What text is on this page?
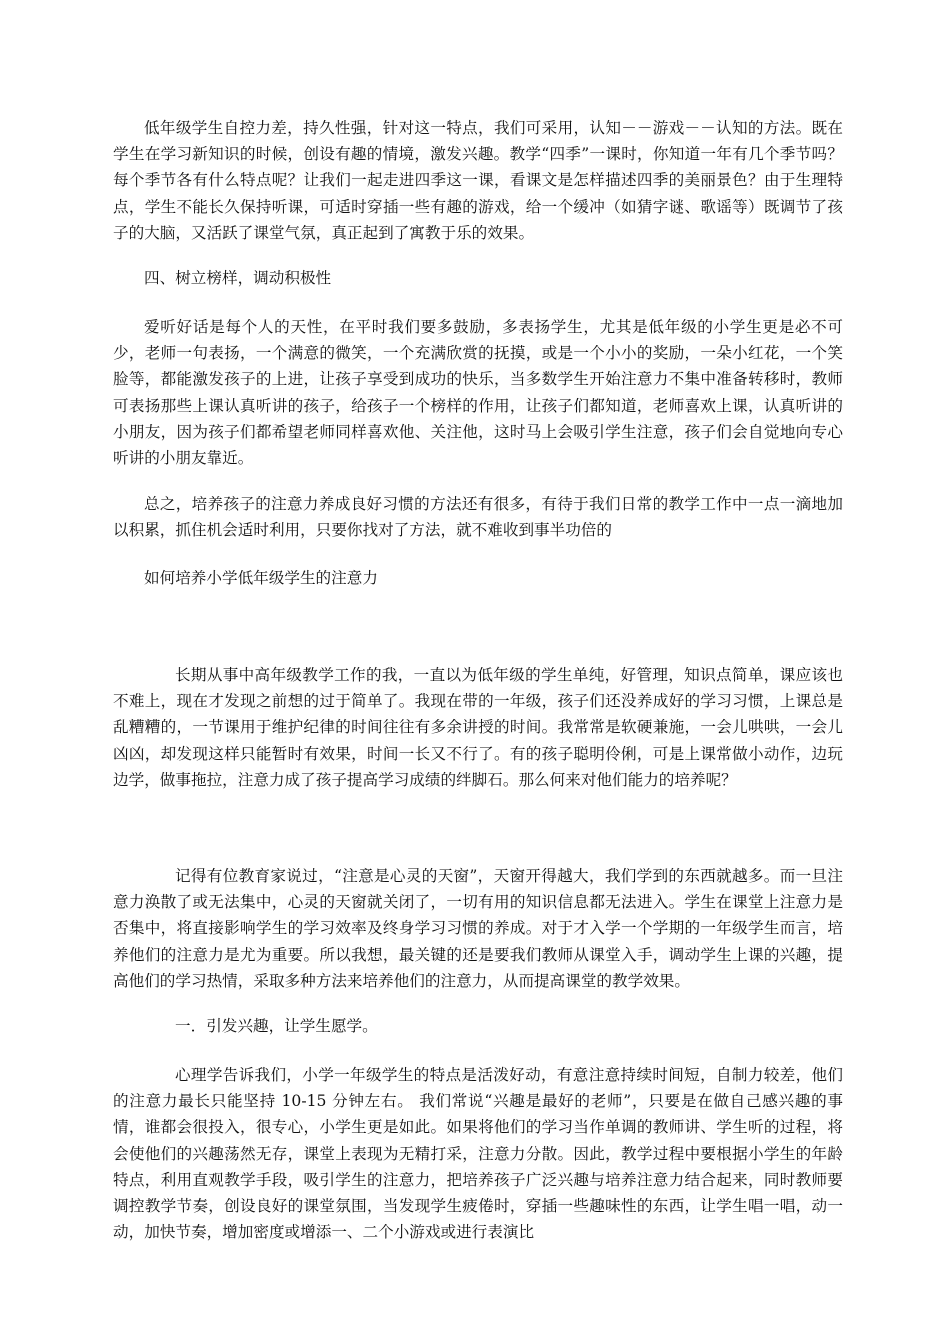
低年级学生自控力差，持久性强，针对这一特点，我们可采用，认知－－游戏－－认知的方法。既在学生在学习新知识的时候，创设有趣的情境，激发兴趣。教学“四季”一课时，你知道一年有几个季节吗？每个季节各有什么特点呢？让我们一起走进四季这一课，看课文是怎样描述四季的美丽景色？由于生理特点，学生不能长久保持听课，可适时穿插一些有趣的游戏，给一个缓冲（如猜字谜、歌谣等）既调节了孩子的大脑，又活跃了课堂气氛，真正起到了寓教于乐的效果。

四、树立榜样，调动积极性

爱听好话是每个人的天性，在平时我们要多鼓励，多表扬学生，尤其是低年级的小学生更是必不可少，老师一句表扬，一个满意的微笑，一个充满欣赏的抚摸，或是一个小小的奖励，一朵小红花，一个笑脸等，都能激发孩子的上进，让孩子享受到成功的快乐，当多数学生开始注意力不集中准备转移时，教师可表扬那些上课认真听讲的孩子，给孩子一个榜样的作用，让孩子们都知道，老师喜欢上课，认真听讲的小朋友，因为孩子们都希望老师同样喜欢他、关注他，这时马上会吸引学生注意，孩子们会自觉地向专心听讲的小朋友靠近。

总之，培养孩子的注意力养成良好习惯的方法还有很多，有待于我们日常的教学工作中一点一滴地加以积累，抓住机会适时利用，只要你找对了方法，就不难收到事半功倍的

如何培养小学低年级学生的注意力

长期从事中高年级教学工作的我，一直以为低年级的学生单纯，好管理，知识点简单，课应该也不难上，现在才发现之前想的过于简单了。我现在带的一年级，孩子们还没养成好的学习习惯，上课总是乱糟糟的，一节课用于维护纪律的时间往往有多余讲授的时间。我常常是软硬兼施，一会儿哄哄，一会儿凶凶，却发现这样只能暂时有效果，时间一长又不行了。有的孩子聪明伶俐，可是上课常做小动作，边玩边学，做事拖拉，注意力成了孩子提高学习成绩的绊脚石。那么何来对他们能力的培养呢？

记得有位教育家说过，“注意是心灵的天窗”，天窗开得越大，我们学到的东西就越多。而一旦注意力涣散了或无法集中，心灵的天窗就关闭了，一切有用的知识信息都无法进入。学生在课堂上注意力是否集中，将直接影响学生的学习效率及终身学习习惯的养成。对于才入学一个学期的一年级学生而言，培养他们的注意力是尤为重要。所以我想，最关键的还是要我们教师从课堂入手，调动学生上课的兴趣，提高他们的学习热情，采取多种方法来培养他们的注意力，从而提高课堂的教学效果。

一．引发兴趣，让学生愿学。

心理学告诉我们，小学一年级学生的特点是活泼好动，有意注意持续时间短，自制力较差，他们的注意力最长只能坚持 10-15 分钟左右。 我们常说“兴趣是最好的老师”，只要是在做自己感兴趣的事情，谁都会很投入，很专心，小学生更是如此。如果将他们的学习当作单调的教师讲、学生听的过程，将会使他们的兴趣荡然无存，课堂上表现为无精打采，注意力分散。因此，教学过程中要根据小学生的年龄特点，利用直观教学手段，吸引学生的注意力，把培养孩子广泛兴趣与培养注意力结合起来，同时教师要调控教学节奏，创设良好的课堂氛围，当发现学生疲倦时，穿插一些趣味性的东西，让学生唱一唱，动一动，加快节奏，增加密度或增添一、二个小游戏或进行表演比
